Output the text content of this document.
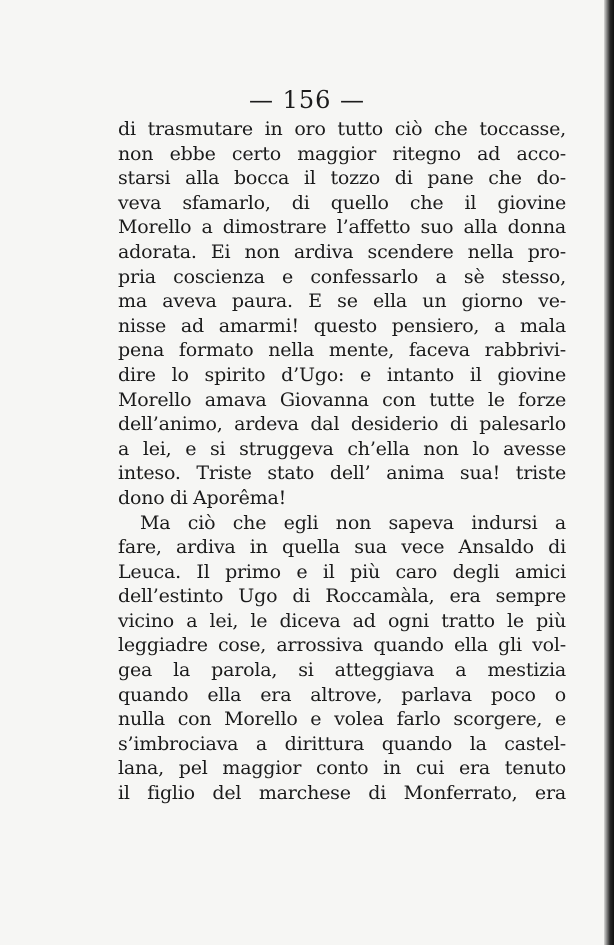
— 156 —
di trasmutare in oro tutto ciò che toccasse,
non ebbe certo maggior ritegno ad acco-
starsi alla bocca il tozzo di pane che do-
veva sfamarlo, di quello che il giovine
Morello a dimostrare l’affetto suo alla donna
adorata. Ei non ardiva scendere nella pro-
pria coscienza e confessarlo a sè stesso,
ma aveva paura. E se ella un giorno ve-
nisse ad amarmi! questo pensiero, a mala
pena formato nella mente, faceva rabbrivi-
dire lo spirito d’Ugo: e intanto il giovine
Morello amava Giovanna con tutte le forze
dell’animo, ardeva dal desiderio di palesarlo
a lei, e si struggeva ch’ella non lo avesse
inteso. Triste stato dell’ anima sua! triste
dono di Aporêma!
Ma ciò che egli non sapeva indursi a
fare, ardiva in quella sua vece Ansaldo di
Leuca. Il primo e il più caro degli amici
dell’estinto Ugo di Roccamàla, era sempre
vicino a lei, le diceva ad ogni tratto le più
leggiadre cose, arrossiva quando ella gli vol-
gea la parola, si atteggiava a mestizia
quando ella era altrove, parlava poco o
nulla con Morello e volea farlo scorgere, e
s’imbrociava a dirittura quando la castel-
lana, pel maggior conto in cui era tenuto
il figlio del marchese di Monferrato, era
